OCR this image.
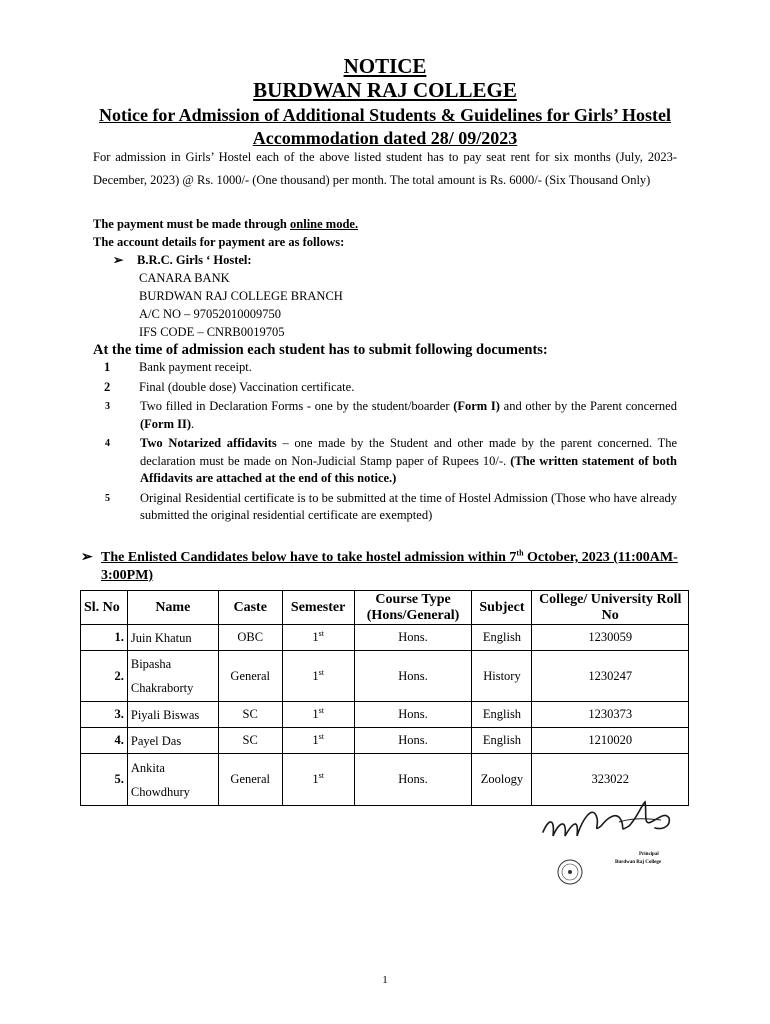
NOTICE
BURDWAN RAJ COLLEGE
Notice for Admission of Additional Students & Guidelines for Girls’ Hostel Accommodation dated 28/ 09/2023
For admission in Girls’ Hostel each of the above listed student has to pay seat rent for six months (July, 2023- December, 2023) @ Rs. 1000/- (One thousand) per month. The total amount is Rs. 6000/- (Six Thousand Only)
The payment must be made through online mode.
The account details for payment are as follows:
➢ B.R.C. Girls ‘ Hostel:
CANARA BANK
BURDWAN RAJ COLLEGE BRANCH
A/C NO – 97052010009750
IFS CODE – CNRB0019705
At the time of admission each student has to submit following documents:
1	Bank payment receipt.
2	Final (double dose) Vaccination certificate.
3	Two filled in Declaration Forms - one by the student/boarder (Form I) and other by the Parent concerned (Form II).
4	Two Notarized affidavits – one made by the Student and other made by the parent concerned. The declaration must be made on Non-Judicial Stamp paper of Rupees 10/-. (The written statement of both Affidavits are attached at the end of this notice.)
5	Original Residential certificate is to be submitted at the time of Hostel Admission (Those who have already submitted the original residential certificate are exempted)
➢ The Enlisted Candidates below have to take hostel admission within 7th October, 2023 (11:00AM-3:00PM)
Sl. No	Name	Caste	Semester	Course Type (Hons/General)	Subject	College/ University Roll No
1.	Juin Khatun	OBC	1st	Hons.	English	1230059
2.	Bipasha Chakraborty	General	1st	Hons.	History	1230247
3.	Piyali Biswas	SC	1st	Hons.	English	1230373
4.	Payel Das	SC	1st	Hons.	English	1210020
5.	Ankita Chowdhury	General	1st	Hons.	Zoology	323022
Principal
Burdwan Raj College
1
